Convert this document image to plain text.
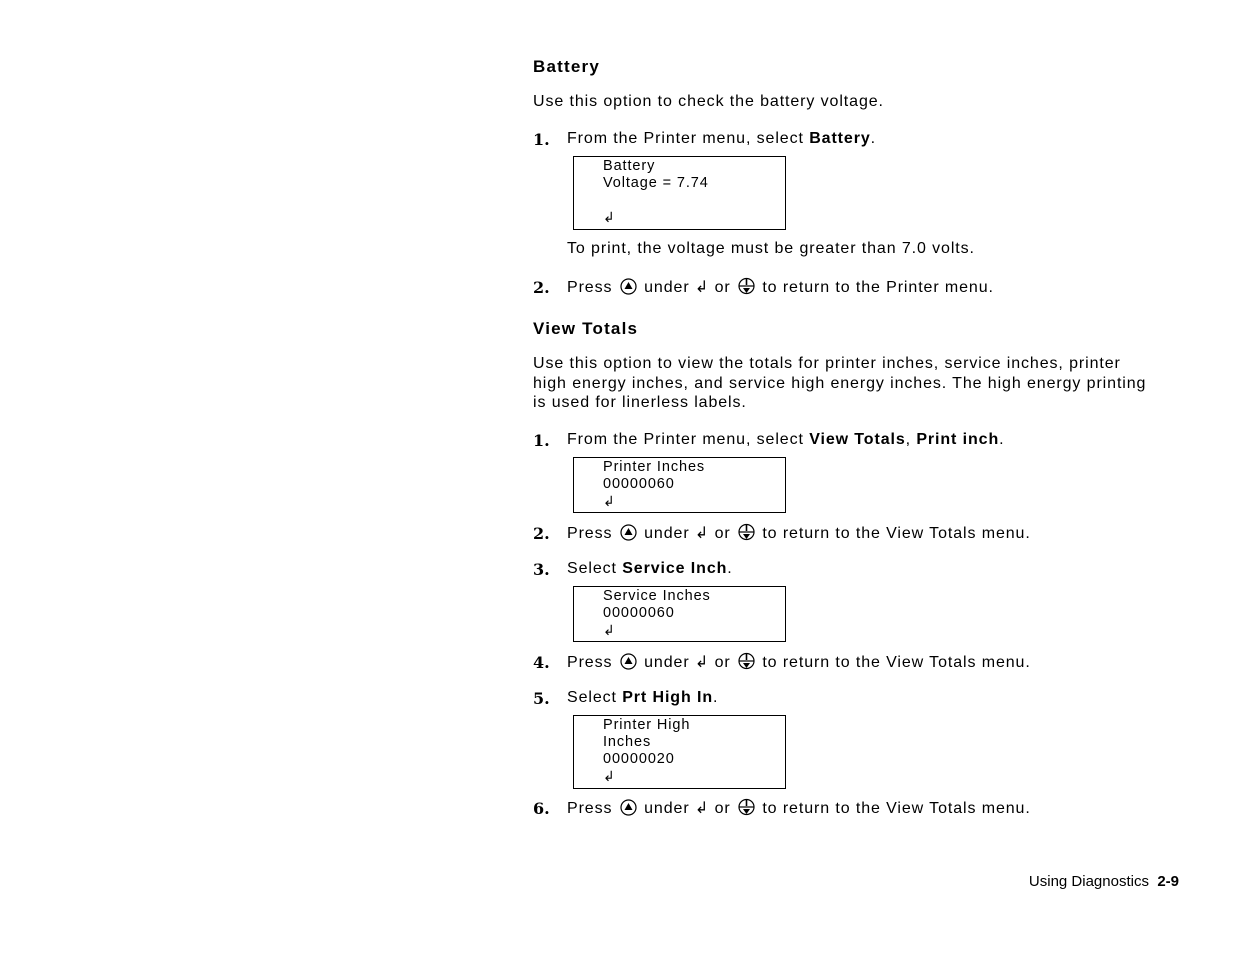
Battery
Use this option to check the battery voltage.
1. From the Printer menu, select Battery.
Battery
Voltage = 7.74
↲
To print, the voltage must be greater than 7.0 volts.
2. Press under ↲ or to return to the Printer menu.
View Totals
Use this option to view the totals for printer inches, service inches, printer high energy inches, and service high energy inches. The high energy printing is used for linerless labels.
1. From the Printer menu, select View Totals, Print inch.
Printer Inches
00000060
↲
2. Press under ↲ or to return to the View Totals menu.
3. Select Service Inch.
Service Inches
00000060
↲
4. Press under ↲ or to return to the View Totals menu.
5. Select Prt High In.
Printer High
Inches
00000020
↲
6. Press under ↲ or to return to the View Totals menu.
Using Diagnostics 2-9
